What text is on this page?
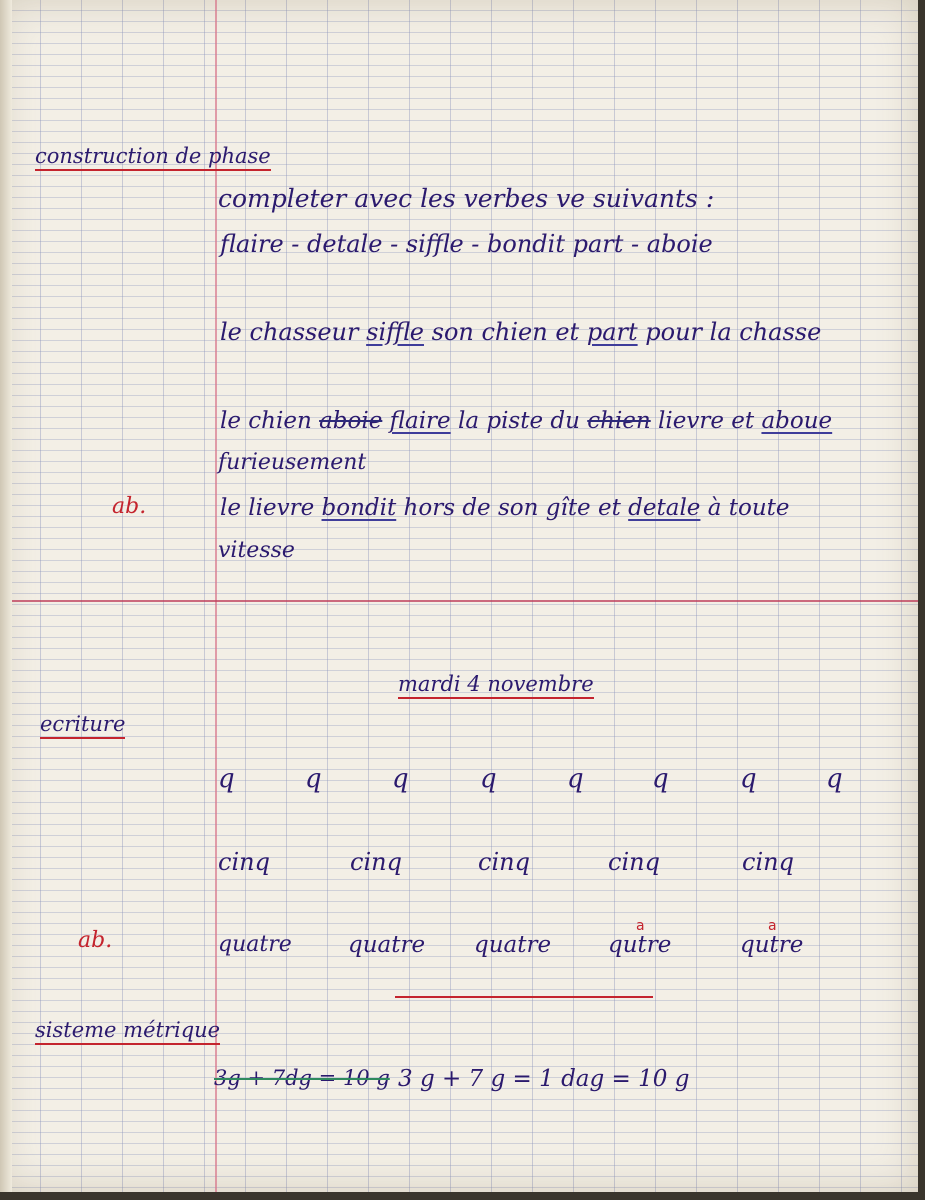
construction de phase
completer avec les verbes ve suivants :
flaire - detale - siffle - bondit part - aboie
le chasseur siffle son chien et part pour la chasse
le chien aboie flaire la piste du chien lievre et aboue
furieusement
ab.	le lievre bondit hors de son gîte et detale à toute
vitesse
mardi 4 novembre
ecriture
q	q	q	q	q	q	q	q
cinq	cinq	cinq	cinq	cinq
ab.	quatre quatre quatre qutre	qutre
a	a
sisteme métrique
3g + 7dg = 10 g 3 g + 7 g = 1 dag = 10 g
